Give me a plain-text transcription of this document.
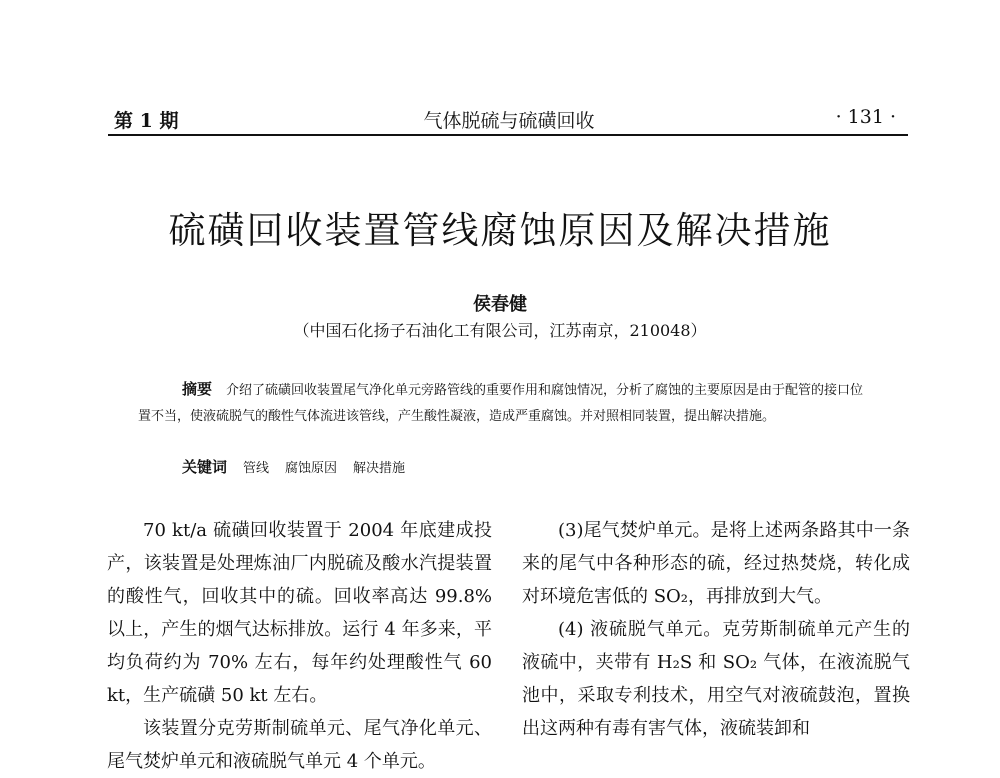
第 1 期	气体脱硫与硫磺回收	· 131 ·
硫磺回收装置管线腐蚀原因及解决措施
侯春健
（中国石化扬子石油化工有限公司，江苏南京，210048）
摘要 介绍了硫磺回收装置尾气净化单元旁路管线的重要作用和腐蚀情况，分析了腐蚀的主要原因是由于配管的接口位置不当，使液硫脱气的酸性气体流进该管线，产生酸性凝液，造成严重腐蚀。并对照相同装置，提出解决措施。
关键词 管线 腐蚀原因 解决措施

70 kt/a 硫磺回收装置于 2004 年底建成投产，该装置是处理炼油厂内脱硫及酸水汽提装置的酸性气，回收其中的硫。回收率高达 99.8% 以上，产生的烟气达标排放。运行 4 年多来，平均负荷约为 70% 左右，每年约处理酸性气 60 kt，生产硫磺 50 kt 左右。

该装置分克劳斯制硫单元、尾气净化单元、尾气焚炉单元和液硫脱气单元 4 个单元。

(3)尾气焚炉单元。是将上述两条路其中一条来的尾气中各种形态的硫，经过热焚烧，转化成对环境危害低的 SO₂，再排放到大气。

(4) 液硫脱气单元。克劳斯制硫单元产生的液硫中，夹带有 H₂S 和 SO₂ 气体，在液流脱气池中，采取专利技术，用空气对液硫鼓泡，置换出这两种有毒有害气体，液硫装卸和
